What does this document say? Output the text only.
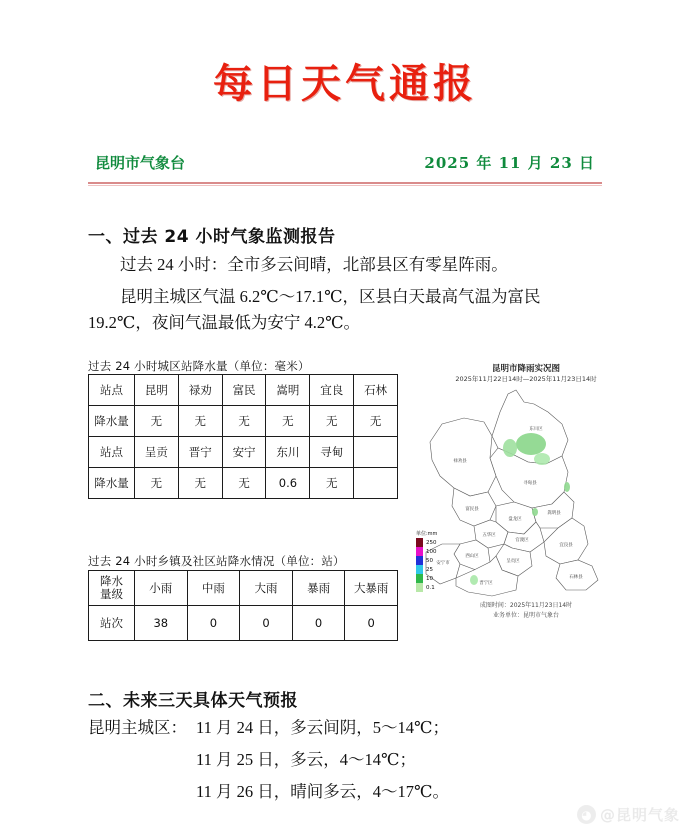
每日天气通报
昆明市气象台	2025 年 11 月 23 日
一、过去 24 小时气象监测报告
过去 24 小时：全市多云间晴，北部县区有零星阵雨。
昆明主城区气温 6.2℃～17.1℃，区县白天最高气温为富民
19.2℃，夜间气温最低为安宁 4.2℃。
过去 24 小时城区站降水量（单位：毫米）
站点	昆明	禄劝	富民	嵩明	宜良	石林
降水量	无	无	无	无	无	无
站点	呈贡	晋宁	安宁	东川	寻甸	
降水量	无	无	无	0.6	无	
过去 24 小时乡镇及社区站降水情况（单位：站）
降水
量级	小雨	中雨	大雨	暴雨	大暴雨
站次	38	0	0	0	0
昆明市降雨实况图
2025年11月22日14时—2025年11月23日14时
禄劝县
东川区
寻甸县
富民县
盘龙区
嵩明县
五华区
官渡区
西山区
呈贡区
宜良县
安宁市
晋宁区
石林县
单位:mm
250
100
50
25
10
0.1
成图时间：2025年11月23日14时
业务单位：昆明市气象台
二、未来三天具体天气预报
昆明主城区： 11 月 24 日，多云间阴，5～14℃；
11 月 25 日，多云，4～14℃；
11 月 26 日，晴间多云，4～17℃。
◕ @昆明气象
